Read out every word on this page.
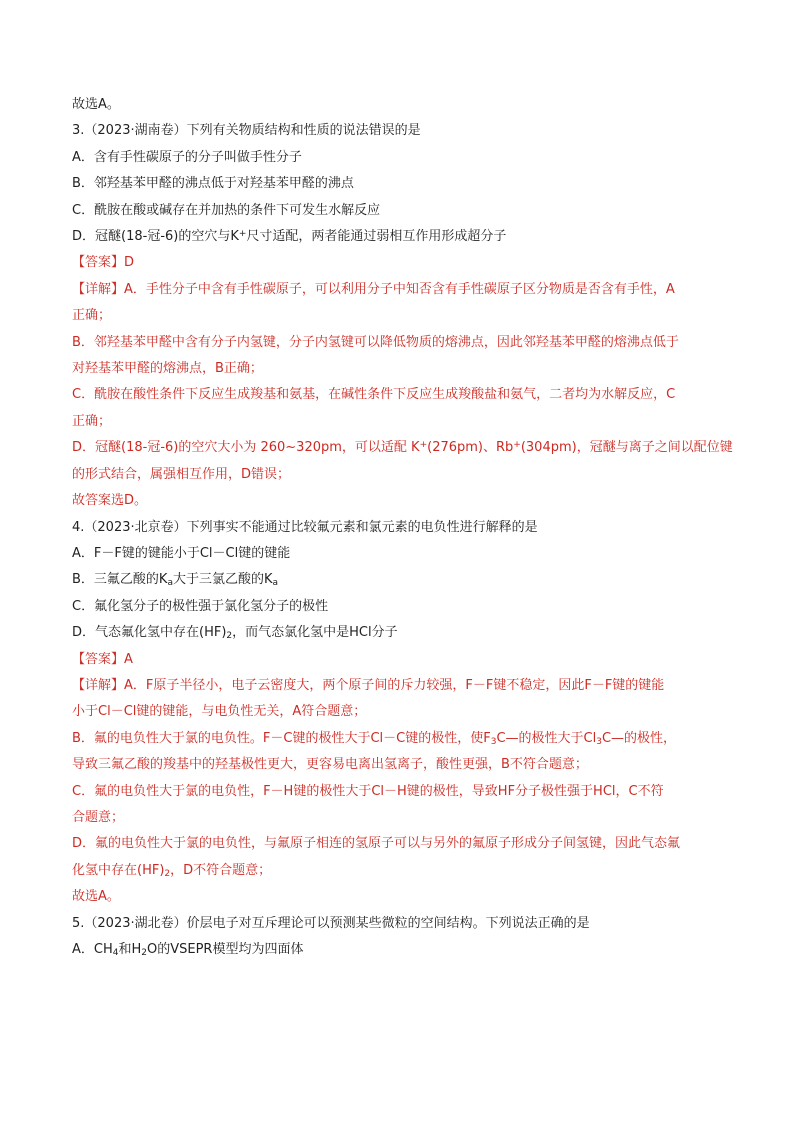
故选A。
3.（2023·湖南卷）下列有关物质结构和性质的说法错误的是
A．含有手性碳原子的分子叫做手性分子
B．邻羟基苯甲醛的沸点低于对羟基苯甲醛的沸点
C．酰胺在酸或碱存在并加热的条件下可发生水解反应
D．冠醚(18-冠-6)的空穴与K+尺寸适配，两者能通过弱相互作用形成超分子
【答案】D
【详解】A．手性分子中含有手性碳原子，可以利用分子中知否含有手性碳原子区分物质是否含有手性，A
正确；
B．邻羟基苯甲醛中含有分子内氢键，分子内氢键可以降低物质的熔沸点，因此邻羟基苯甲醛的熔沸点低于
对羟基苯甲醛的熔沸点，B正确；
C．酰胺在酸性条件下反应生成羧基和氨基，在碱性条件下反应生成羧酸盐和氨气，二者均为水解反应，C
正确；
D．冠醚(18-冠-6)的空穴大小为 260~320pm，可以适配 K+(276pm)、Rb+(304pm)，冠醚与离子之间以配位键
的形式结合，属强相互作用，D错误；
故答案选D。
4.（2023·北京卷）下列事实不能通过比较氟元素和氯元素的电负性进行解释的是
A．F－F键的键能小于Cl－Cl键的键能
B．三氟乙酸的$K_a$大于三氯乙酸的$K_a$
C．氟化氢分子的极性强于氯化氢分子的极性
D．气态氟化氢中存在$(HF)_2$，而气态氯化氢中是HCl分子
【答案】A
【详解】A．F原子半径小，电子云密度大，两个原子间的斥力较强，F－F键不稳定，因此F－F键的键能
小于Cl－Cl键的键能，与电负性无关，A符合题意；
B．氟的电负性大于氯的电负性。F－C键的极性大于Cl－C键的极性，使$F_3C—$的极性大于$Cl_3C—$的极性，
导致三氟乙酸的羧基中的羟基极性更大，更容易电离出氢离子，酸性更强，B不符合题意；
C．氟的电负性大于氯的电负性，F－H键的极性大于Cl－H键的极性，导致HF分子极性强于HCl，C不符
合题意；
D．氟的电负性大于氯的电负性，与氟原子相连的氢原子可以与另外的氟原子形成分子间氢键，因此气态氟
化氢中存在$(HF)_2$，D不符合题意；
故选A。
5.（2023·湖北卷）价层电子对互斥理论可以预测某些微粒的空间结构。下列说法正确的是
A．$CH_4$和$H_2O$的VSEPR模型均为四面体
